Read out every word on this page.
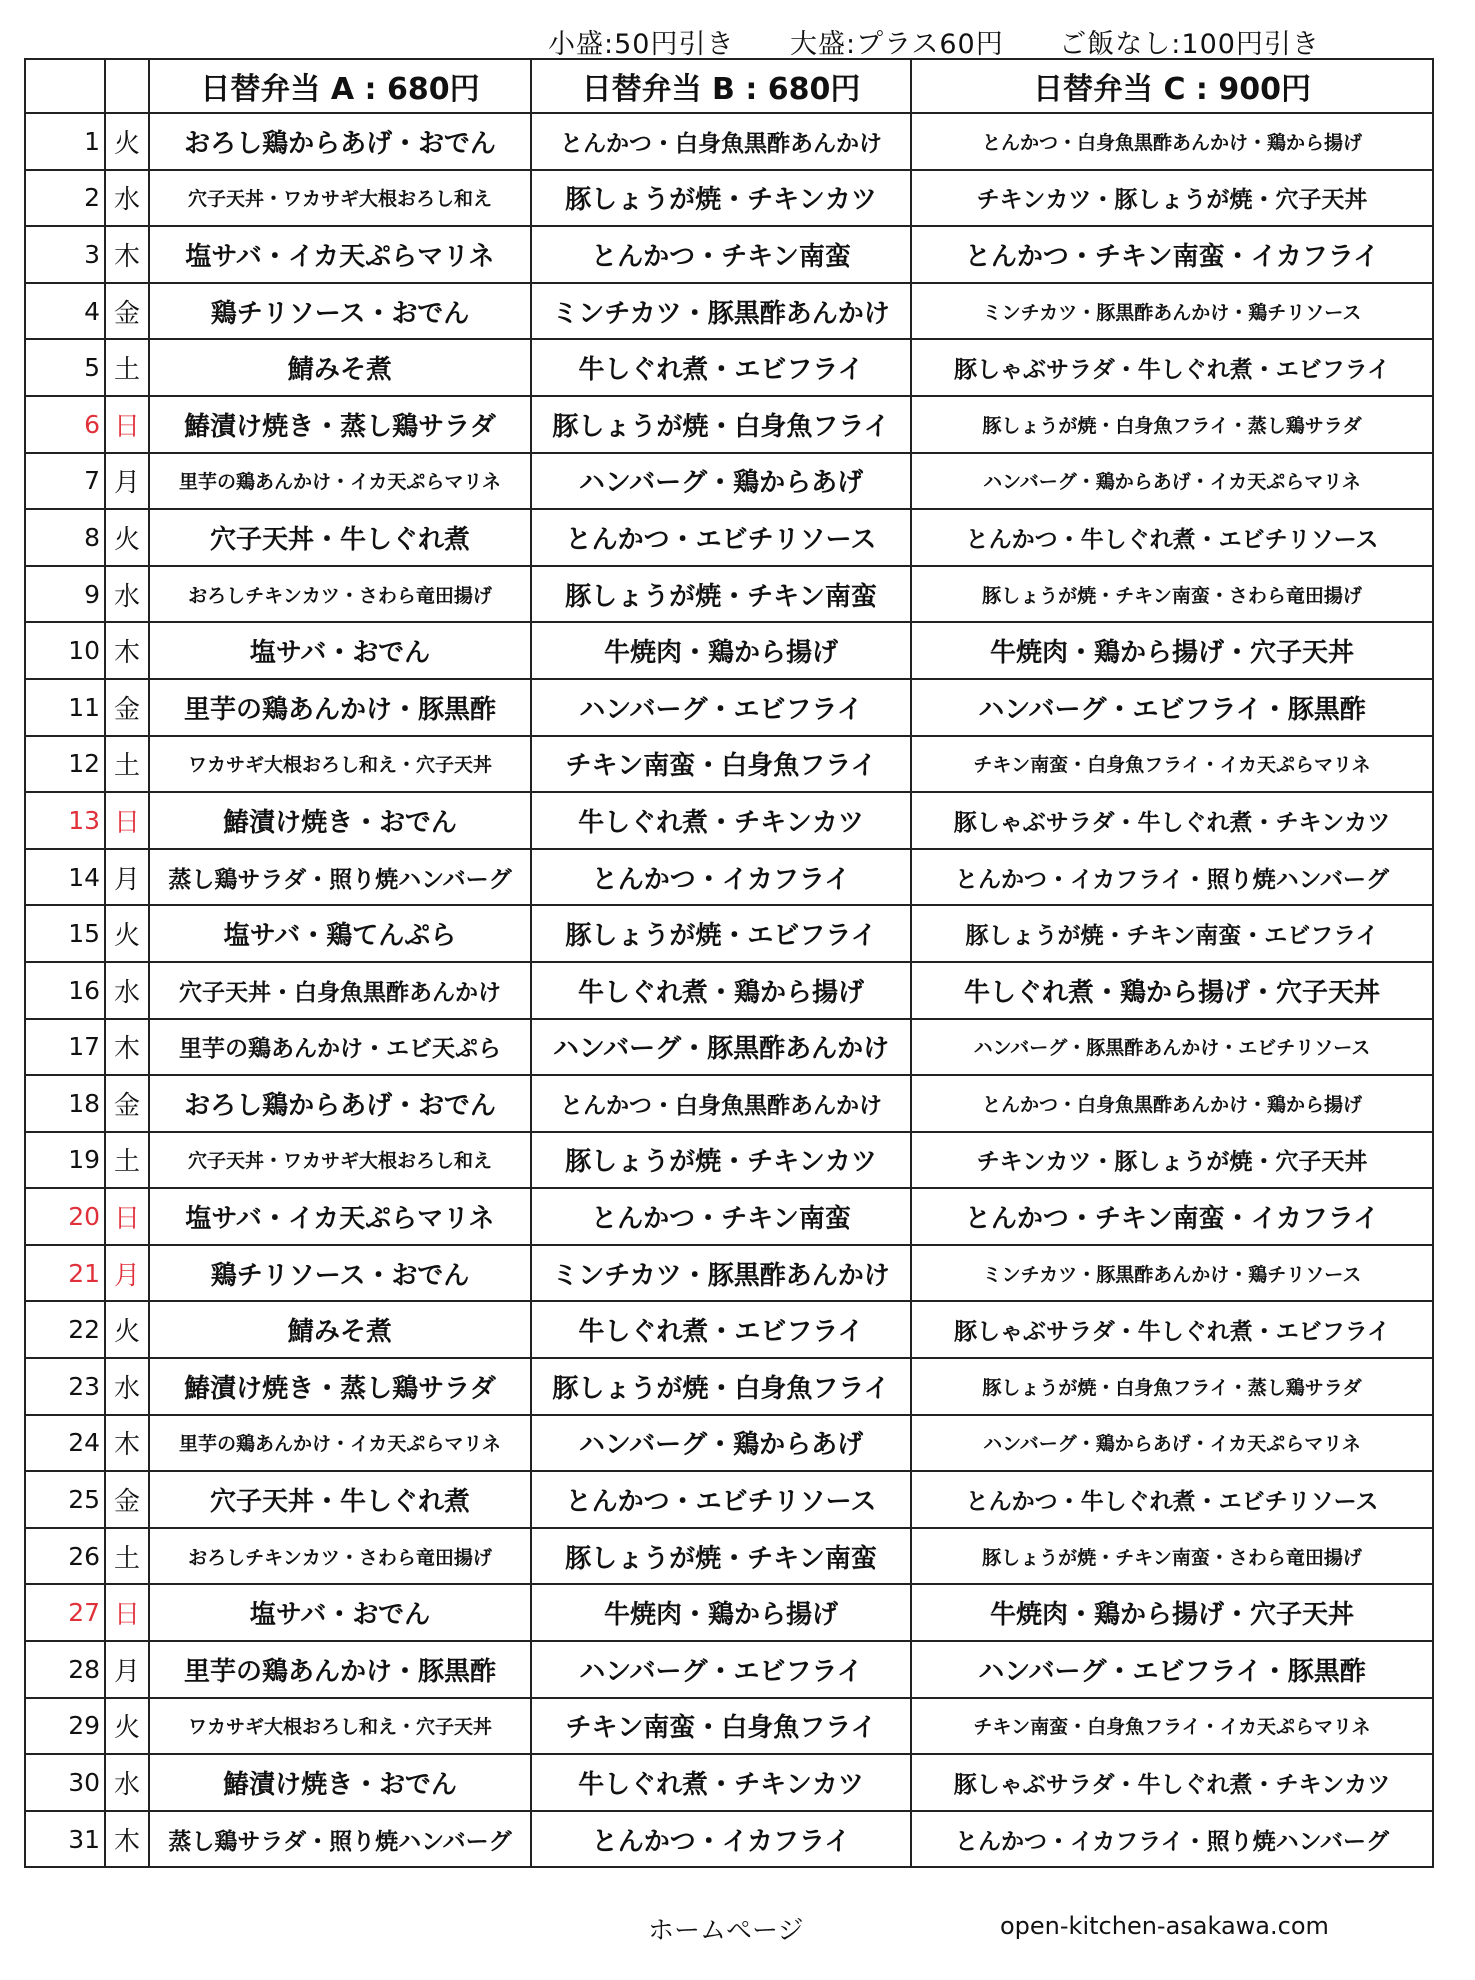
小盛:50円引き 大盛:プラス60円 ご飯なし:100円引き
		日替弁当 A : 680円	日替弁当 B : 680円	日替弁当 C : 900円
1	火	おろし鶏からあげ・おでん	とんかつ・白身魚黒酢あんかけ	とんかつ・白身魚黒酢あんかけ・鶏から揚げ
2	水	穴子天丼・ワカサギ大根おろし和え	豚しょうが焼・チキンカツ	チキンカツ・豚しょうが焼・穴子天丼
3	木	塩サバ・イカ天ぷらマリネ	とんかつ・チキン南蛮	とんかつ・チキン南蛮・イカフライ
4	金	鶏チリソース・おでん	ミンチカツ・豚黒酢あんかけ	ミンチカツ・豚黒酢あんかけ・鶏チリソース
5	土	鯖みそ煮	牛しぐれ煮・エビフライ	豚しゃぶサラダ・牛しぐれ煮・エビフライ
6	日	鰆漬け焼き・蒸し鶏サラダ	豚しょうが焼・白身魚フライ	豚しょうが焼・白身魚フライ・蒸し鶏サラダ
7	月	里芋の鶏あんかけ・イカ天ぷらマリネ	ハンバーグ・鶏からあげ	ハンバーグ・鶏からあげ・イカ天ぷらマリネ
8	火	穴子天丼・牛しぐれ煮	とんかつ・エビチリソース	とんかつ・牛しぐれ煮・エビチリソース
9	水	おろしチキンカツ・さわら竜田揚げ	豚しょうが焼・チキン南蛮	豚しょうが焼・チキン南蛮・さわら竜田揚げ
10	木	塩サバ・おでん	牛焼肉・鶏から揚げ	牛焼肉・鶏から揚げ・穴子天丼
11	金	里芋の鶏あんかけ・豚黒酢	ハンバーグ・エビフライ	ハンバーグ・エビフライ・豚黒酢
12	土	ワカサギ大根おろし和え・穴子天丼	チキン南蛮・白身魚フライ	チキン南蛮・白身魚フライ・イカ天ぷらマリネ
13	日	鰆漬け焼き・おでん	牛しぐれ煮・チキンカツ	豚しゃぶサラダ・牛しぐれ煮・チキンカツ
14	月	蒸し鶏サラダ・照り焼ハンバーグ	とんかつ・イカフライ	とんかつ・イカフライ・照り焼ハンバーグ
15	火	塩サバ・鶏てんぷら	豚しょうが焼・エビフライ	豚しょうが焼・チキン南蛮・エビフライ
16	水	穴子天丼・白身魚黒酢あんかけ	牛しぐれ煮・鶏から揚げ	牛しぐれ煮・鶏から揚げ・穴子天丼
17	木	里芋の鶏あんかけ・エビ天ぷら	ハンバーグ・豚黒酢あんかけ	ハンバーグ・豚黒酢あんかけ・エビチリソース
18	金	おろし鶏からあげ・おでん	とんかつ・白身魚黒酢あんかけ	とんかつ・白身魚黒酢あんかけ・鶏から揚げ
19	土	穴子天丼・ワカサギ大根おろし和え	豚しょうが焼・チキンカツ	チキンカツ・豚しょうが焼・穴子天丼
20	日	塩サバ・イカ天ぷらマリネ	とんかつ・チキン南蛮	とんかつ・チキン南蛮・イカフライ
21	月	鶏チリソース・おでん	ミンチカツ・豚黒酢あんかけ	ミンチカツ・豚黒酢あんかけ・鶏チリソース
22	火	鯖みそ煮	牛しぐれ煮・エビフライ	豚しゃぶサラダ・牛しぐれ煮・エビフライ
23	水	鰆漬け焼き・蒸し鶏サラダ	豚しょうが焼・白身魚フライ	豚しょうが焼・白身魚フライ・蒸し鶏サラダ
24	木	里芋の鶏あんかけ・イカ天ぷらマリネ	ハンバーグ・鶏からあげ	ハンバーグ・鶏からあげ・イカ天ぷらマリネ
25	金	穴子天丼・牛しぐれ煮	とんかつ・エビチリソース	とんかつ・牛しぐれ煮・エビチリソース
26	土	おろしチキンカツ・さわら竜田揚げ	豚しょうが焼・チキン南蛮	豚しょうが焼・チキン南蛮・さわら竜田揚げ
27	日	塩サバ・おでん	牛焼肉・鶏から揚げ	牛焼肉・鶏から揚げ・穴子天丼
28	月	里芋の鶏あんかけ・豚黒酢	ハンバーグ・エビフライ	ハンバーグ・エビフライ・豚黒酢
29	火	ワカサギ大根おろし和え・穴子天丼	チキン南蛮・白身魚フライ	チキン南蛮・白身魚フライ・イカ天ぷらマリネ
30	水	鰆漬け焼き・おでん	牛しぐれ煮・チキンカツ	豚しゃぶサラダ・牛しぐれ煮・チキンカツ
31	木	蒸し鶏サラダ・照り焼ハンバーグ	とんかつ・イカフライ	とんかつ・イカフライ・照り焼ハンバーグ
ホームページ	open-kitchen-asakawa.com
